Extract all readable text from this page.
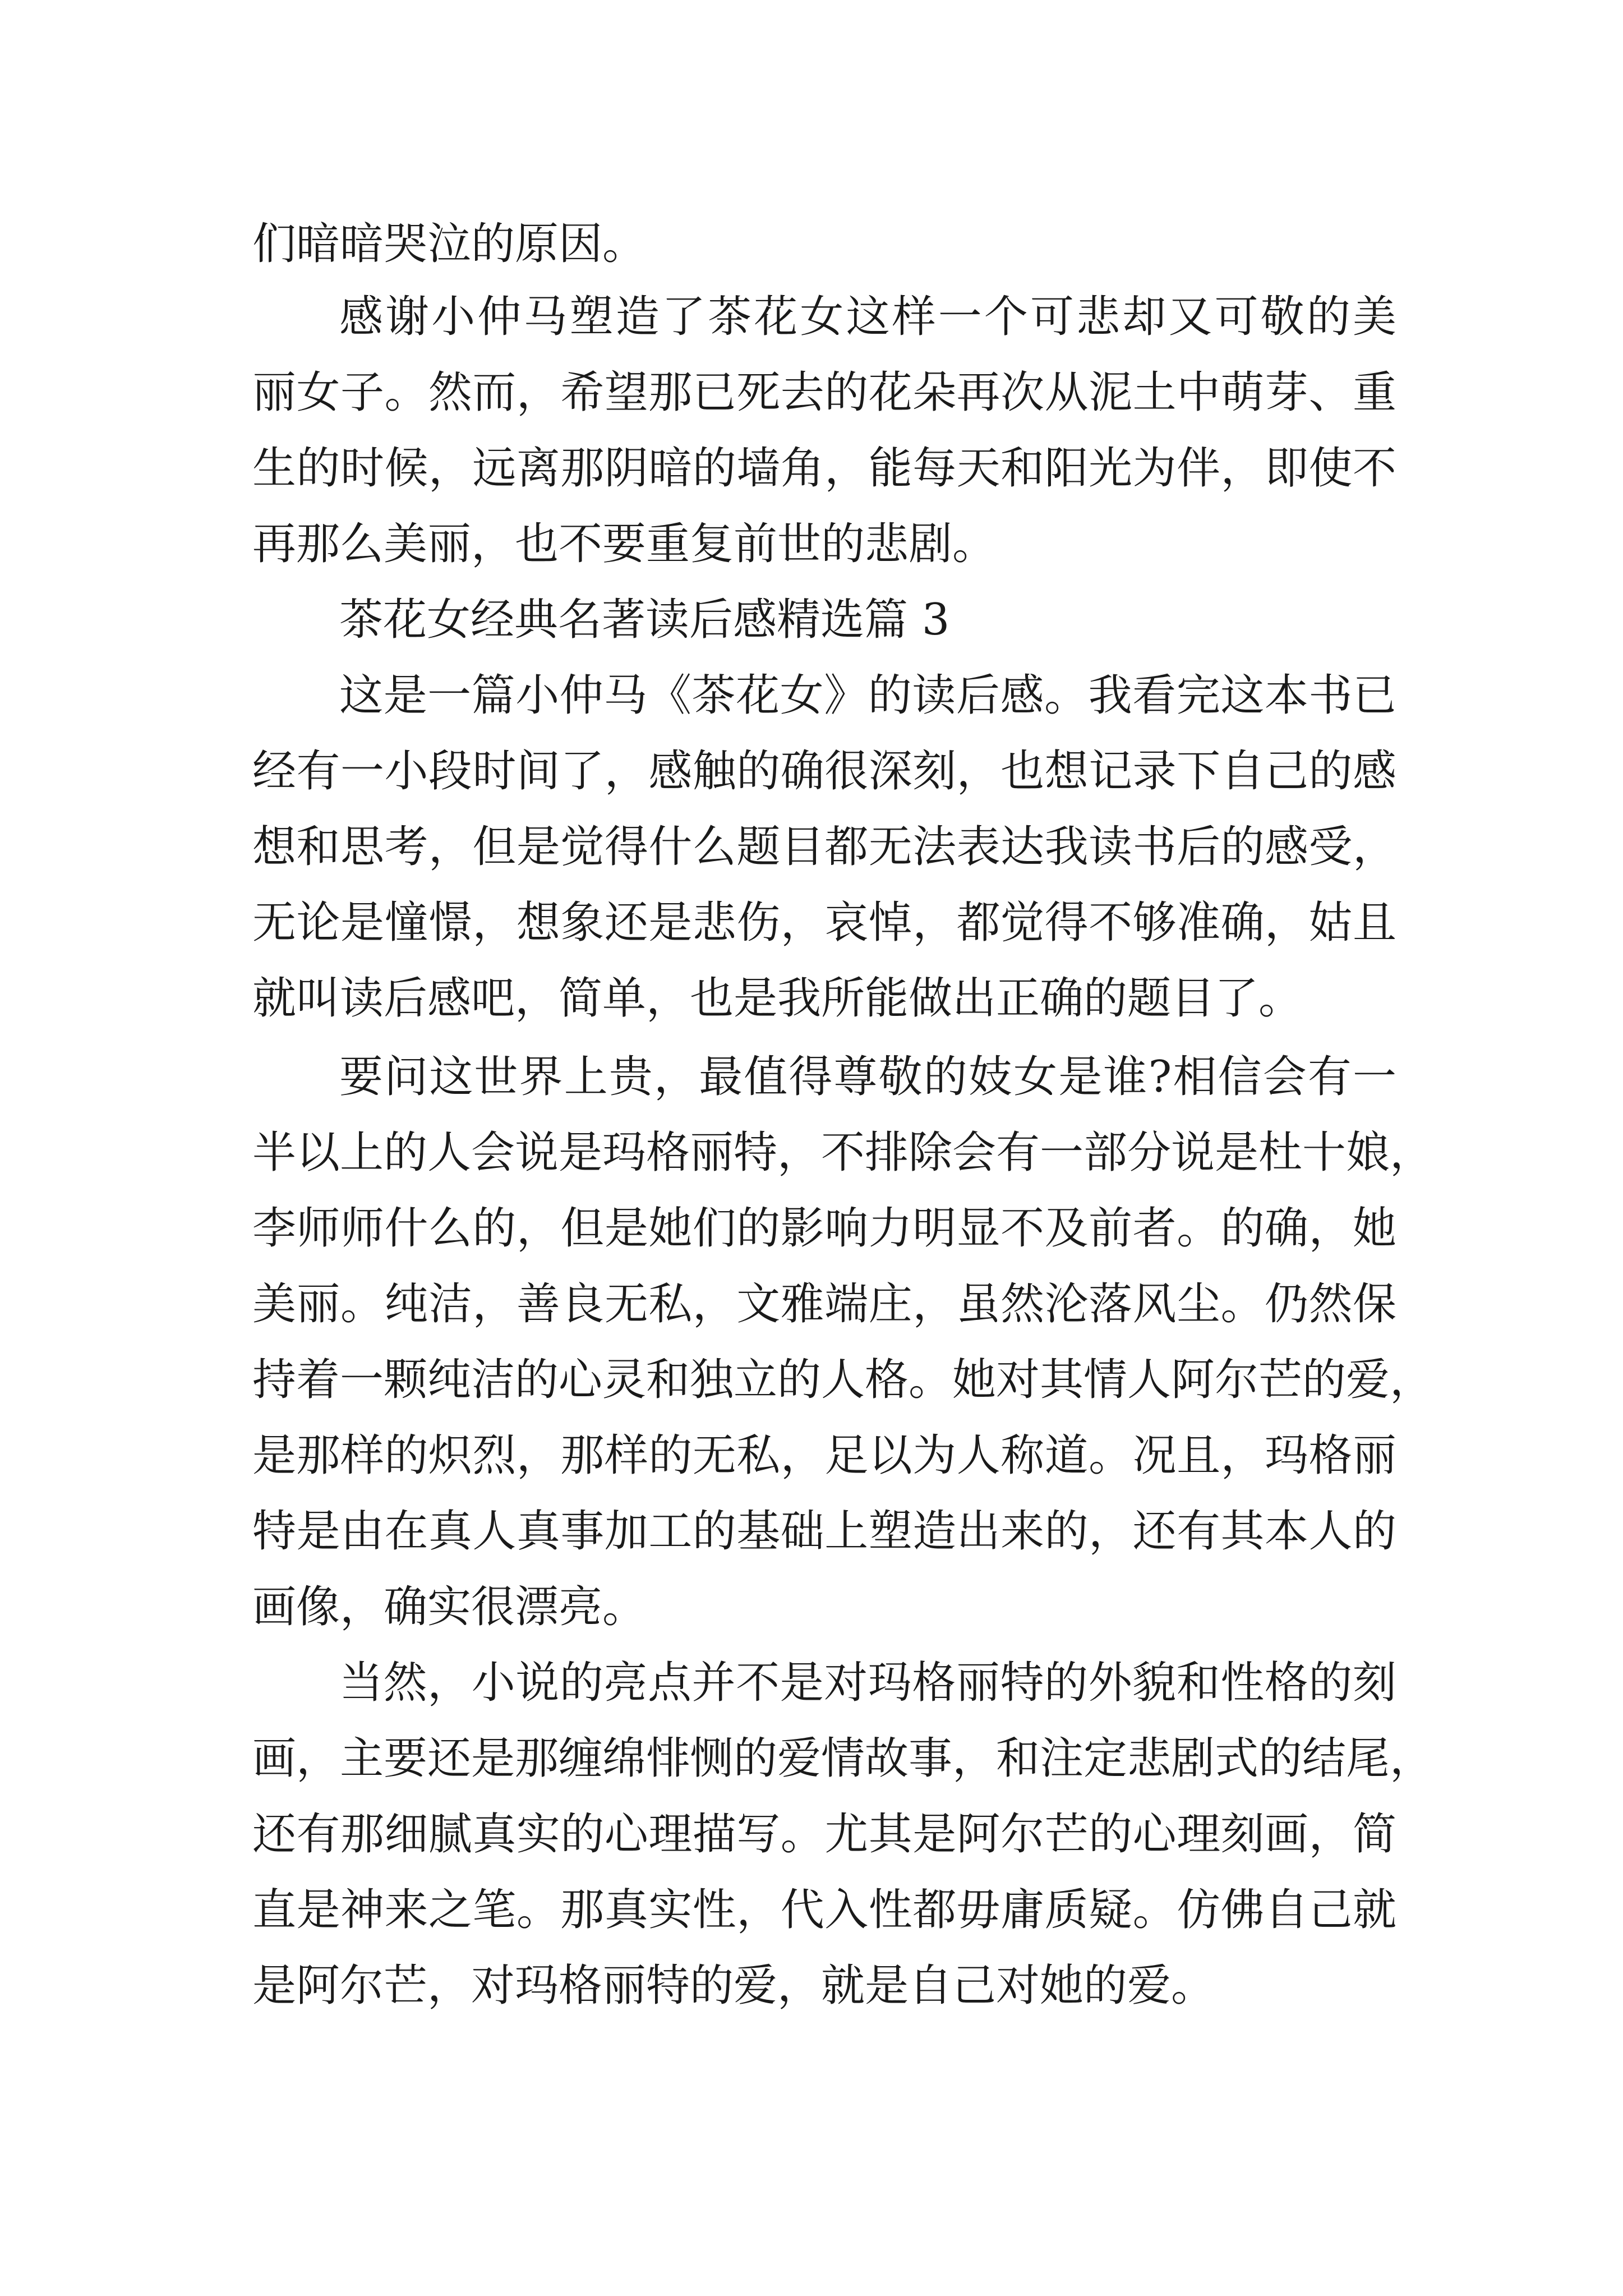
们暗暗哭泣的原因。
感谢小仲马塑造了茶花女这样一个可悲却又可敬的美
丽女子。然而，希望那已死去的花朵再次从泥土中萌芽、重
生的时候，远离那阴暗的墙角，能每天和阳光为伴，即使不
再那么美丽，也不要重复前世的悲剧。
茶花女经典名著读后感精选篇 3
这是一篇小仲马《茶花女》的读后感。我看完这本书已
经有一小段时间了，感触的确很深刻，也想记录下自己的感
想和思考，但是觉得什么题目都无法表达我读书后的感受，
无论是憧憬，想象还是悲伤，哀悼，都觉得不够准确，姑且
就叫读后感吧，简单，也是我所能做出正确的题目了。
要问这世界上贵，最值得尊敬的妓女是谁?相信会有一
半以上的人会说是玛格丽特，不排除会有一部分说是杜十娘，
李师师什么的，但是她们的影响力明显不及前者。的确，她
美丽。纯洁，善良无私，文雅端庄，虽然沦落风尘。仍然保
持着一颗纯洁的心灵和独立的人格。她对其情人阿尔芒的爱，
是那样的炽烈，那样的无私，足以为人称道。况且，玛格丽
特是由在真人真事加工的基础上塑造出来的，还有其本人的
画像，确实很漂亮。
当然，小说的亮点并不是对玛格丽特的外貌和性格的刻
画，主要还是那缠绵悱恻的爱情故事，和注定悲剧式的结尾，
还有那细腻真实的心理描写。尤其是阿尔芒的心理刻画，简
直是神来之笔。那真实性，代入性都毋庸质疑。仿佛自己就
是阿尔芒，对玛格丽特的爱，就是自己对她的爱。
